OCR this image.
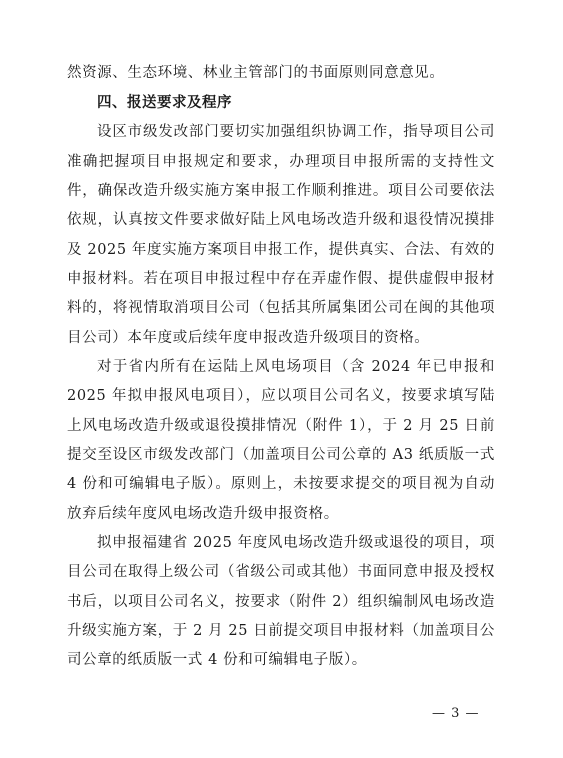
然资源、生态环境、林业主管部门的书面原则同意意见。
四、报送要求及程序
设区市级发改部门要切实加强组织协调工作，指导项目公司
准确把握项目申报规定和要求，办理项目申报所需的支持性文
件，确保改造升级实施方案申报工作顺利推进。项目公司要依法
依规，认真按文件要求做好陆上风电场改造升级和退役情况摸排
及 2025 年度实施方案项目申报工作，提供真实、合法、有效的
申报材料。若在项目申报过程中存在弄虚作假、提供虚假申报材
料的，将视情取消项目公司（包括其所属集团公司在闽的其他项
目公司）本年度或后续年度申报改造升级项目的资格。
对于省内所有在运陆上风电场项目（含 2024 年已申报和
2025 年拟申报风电项目），应以项目公司名义，按要求填写陆
上风电场改造升级或退役摸排情况（附件 1），于 2 月 25 日前
提交至设区市级发改部门（加盖项目公司公章的 A3 纸质版一式
4 份和可编辑电子版）。原则上，未按要求提交的项目视为自动
放弃后续年度风电场改造升级申报资格。
拟申报福建省 2025 年度风电场改造升级或退役的项目，项
目公司在取得上级公司（省级公司或其他）书面同意申报及授权
书后，以项目公司名义，按要求（附件 2）组织编制风电场改造
升级实施方案，于 2 月 25 日前提交项目申报材料（加盖项目公
司公章的纸质版一式 4 份和可编辑电子版）。
— 3 —
